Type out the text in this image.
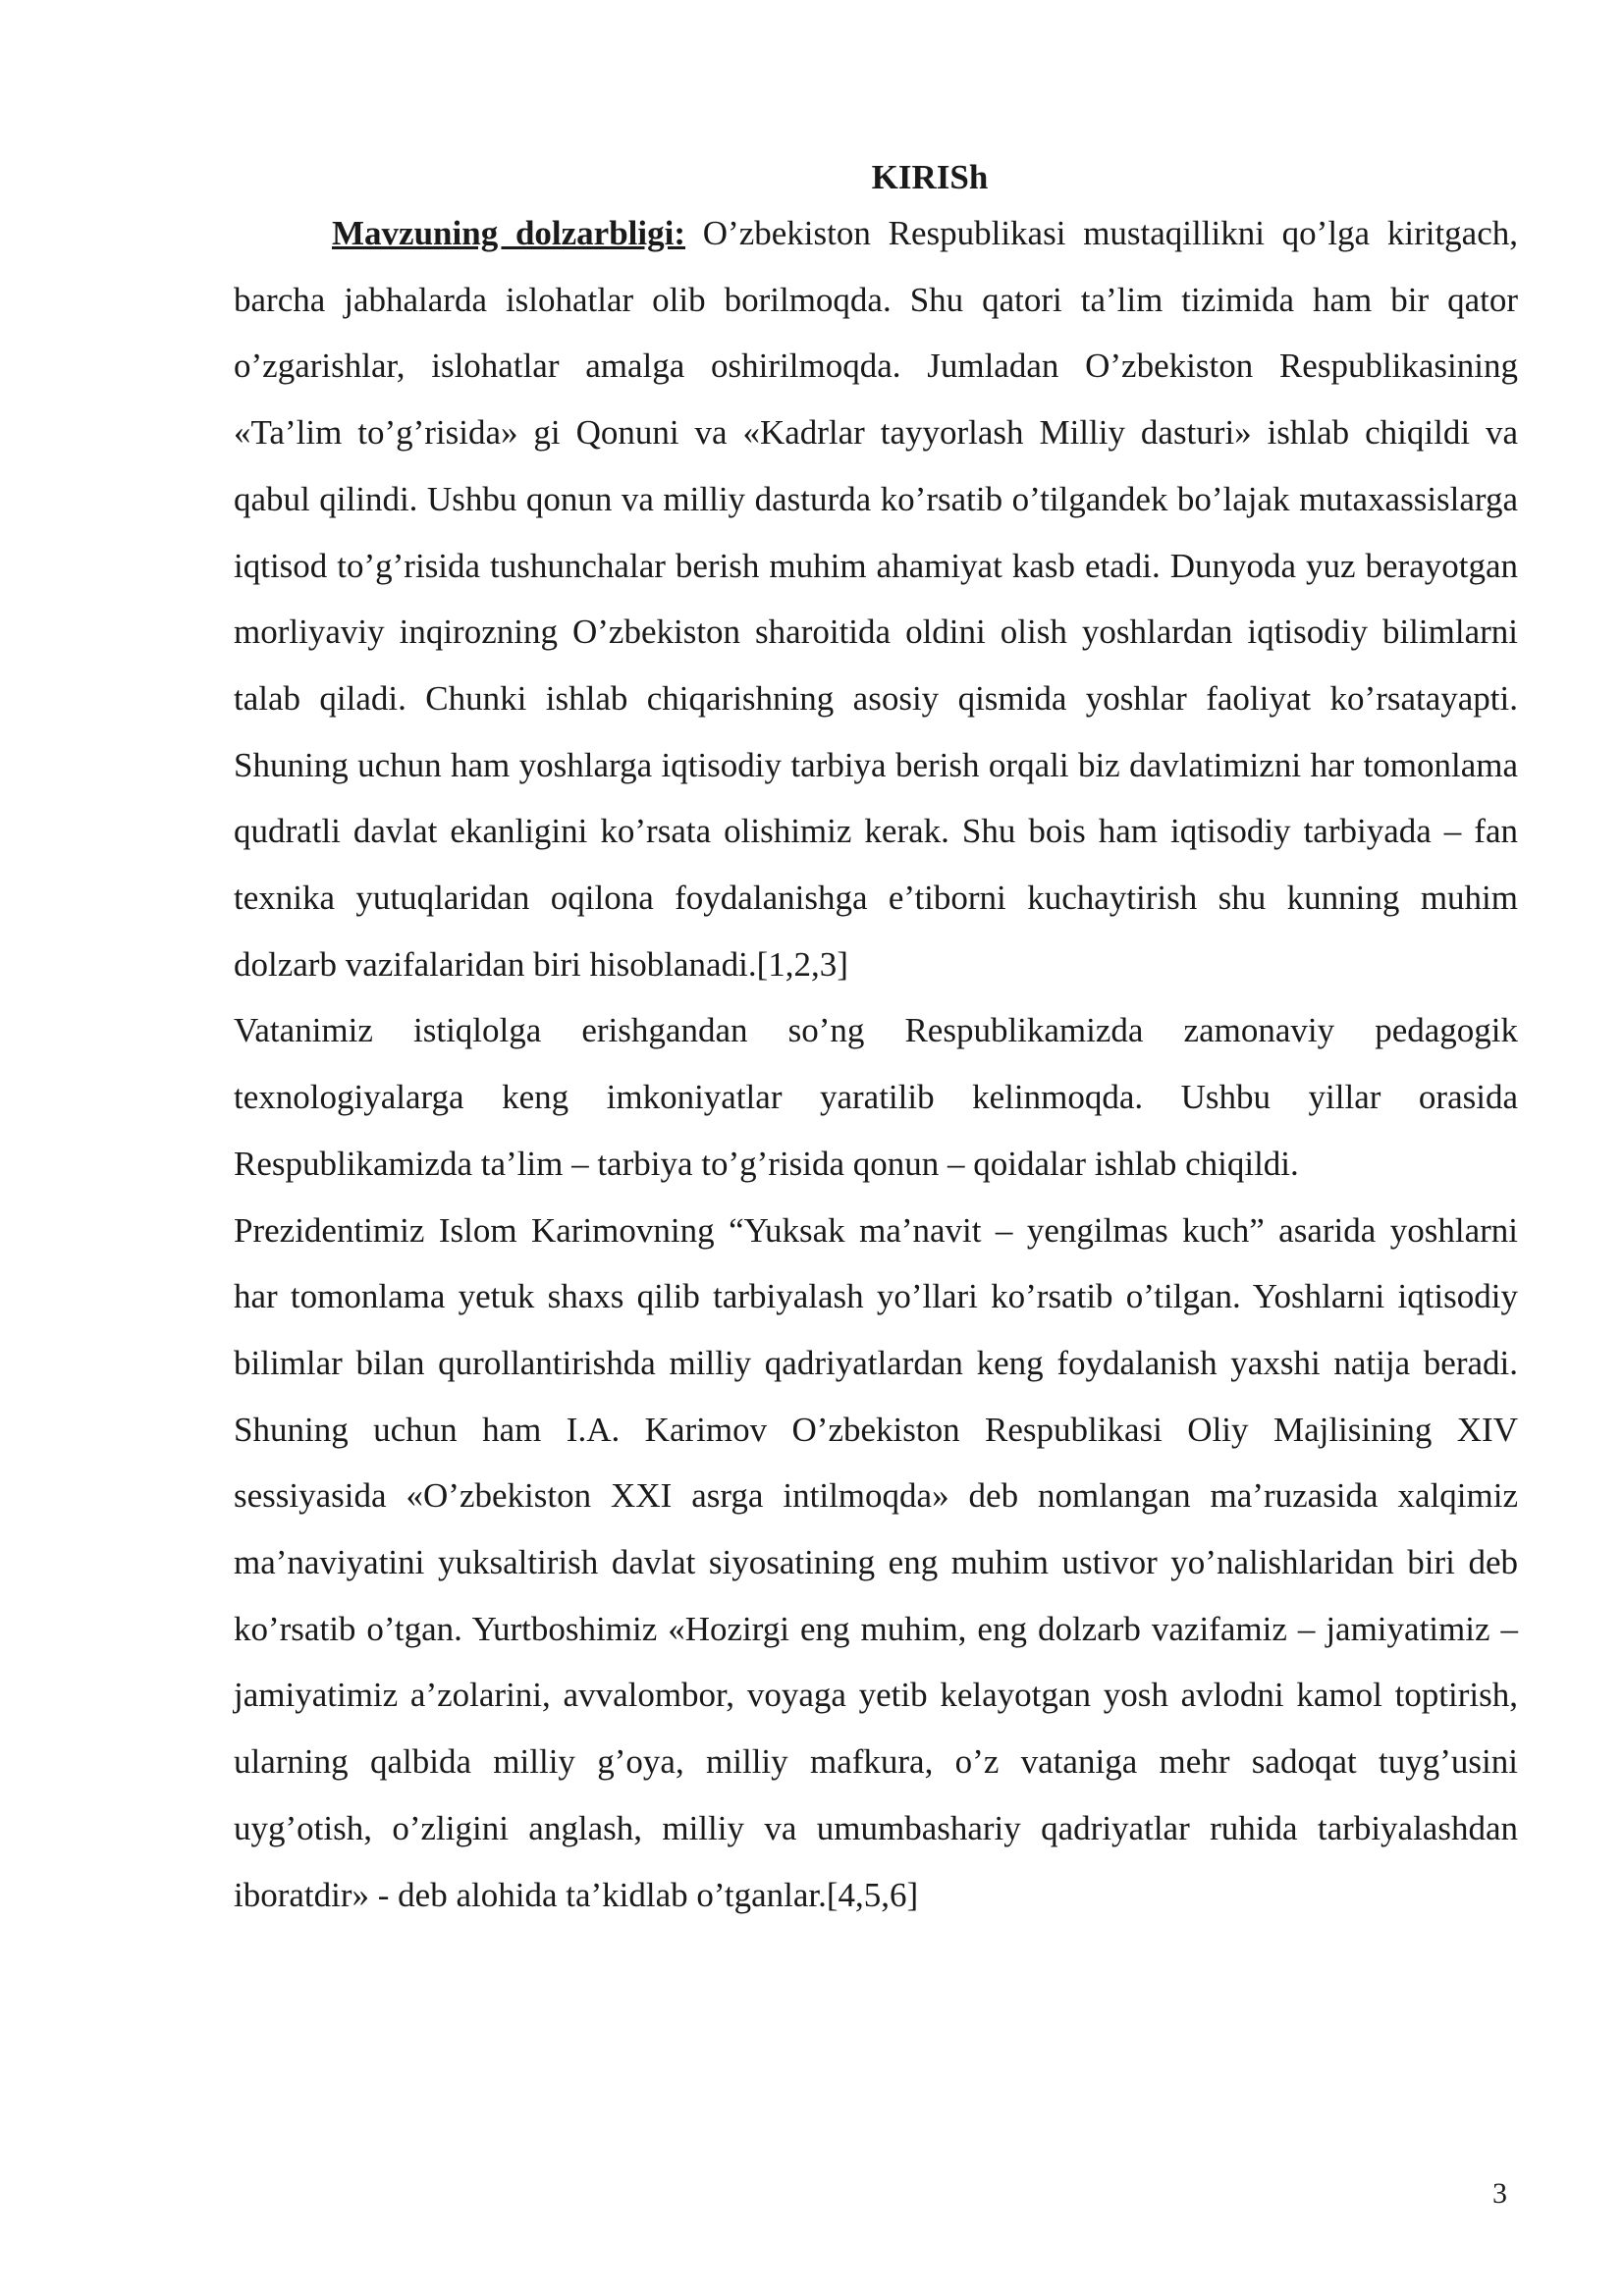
KIRISh

Mavzuning dolzarbligi: O’zbekiston Respublikasi mustaqillikni qo’lga kiritgach, barcha jabhalarda islohatlar olib borilmoqda. Shu qatori ta’lim tizimida ham bir qator o’zgarishlar, islohatlar amalga oshirilmoqda. Jumladan O’zbekiston Respublikasining «Ta’lim to’g’risida» gi Qonuni va «Kadrlar tayyorlash Milliy dasturi» ishlab chiqildi va qabul qilindi. Ushbu qonun va milliy dasturda ko’rsatib o’tilgandek bo’lajak mutaxassislarga iqtisod to’g’risida tushunchalar berish muhim ahamiyat kasb etadi. Dunyoda yuz berayotgan morliyaviy inqirozning O’zbekiston sharoitida oldini olish yoshlardan iqtisodiy bilimlarni talab qiladi. Chunki ishlab chiqarishning asosiy qismida yoshlar faoliyat ko’rsatayapti. Shuning uchun ham yoshlarga iqtisodiy tarbiya berish orqali biz davlatimizni har tomonlama qudratli davlat ekanligini ko’rsata olishimiz kerak. Shu bois ham iqtisodiy tarbiyada – fan texnika yutuqlaridan oqilona foydalanishga e’tiborni kuchaytirish shu kunning muhim dolzarb vazifalaridan biri hisoblanadi.[1,2,3]

Vatanimiz istiqlolga erishgandan so’ng Respublikamizda zamonaviy pedagogik texnologiyalarga keng imkoniyatlar yaratilib kelinmoqda. Ushbu yillar orasida Respublikamizda ta’lim – tarbiya to’g’risida qonun – qoidalar ishlab chiqildi.

Prezidentimiz Islom Karimovning “Yuksak ma’navit – yengilmas kuch” asarida yoshlarni har tomonlama yetuk shaxs qilib tarbiyalash yo’llari ko’rsatib o’tilgan. Yoshlarni iqtisodiy bilimlar bilan qurollantirishda milliy qadriyatlardan keng foydalanish yaxshi natija beradi. Shuning uchun ham I.A. Karimov O’zbekiston Respublikasi Oliy Majlisining XIV sessiyasida «O’zbekiston XXI asrga intilmoqda» deb nomlangan ma’ruzasida xalqimiz ma’naviyatini yuksaltirish davlat siyosatining eng muhim ustivor yo’nalishlaridan biri deb ko’rsatib o’tgan. Yurtboshimiz «Hozirgi eng muhim, eng dolzarb vazifamiz – jamiyatimiz – jamiyatimiz a’zolarini, avvalombor, voyaga yetib kelayotgan yosh avlodni kamol toptirish, ularning qalbida milliy g’oya, milliy mafkura, o’z vataniga mehr sadoqat tuyg’usini uyg’otish, o’zligini anglash, milliy va umumbashariy qadriyatlar ruhida tarbiyalashdan iboratdir» - deb alohida ta’kidlab o’tganlar.[4,5,6]

3
